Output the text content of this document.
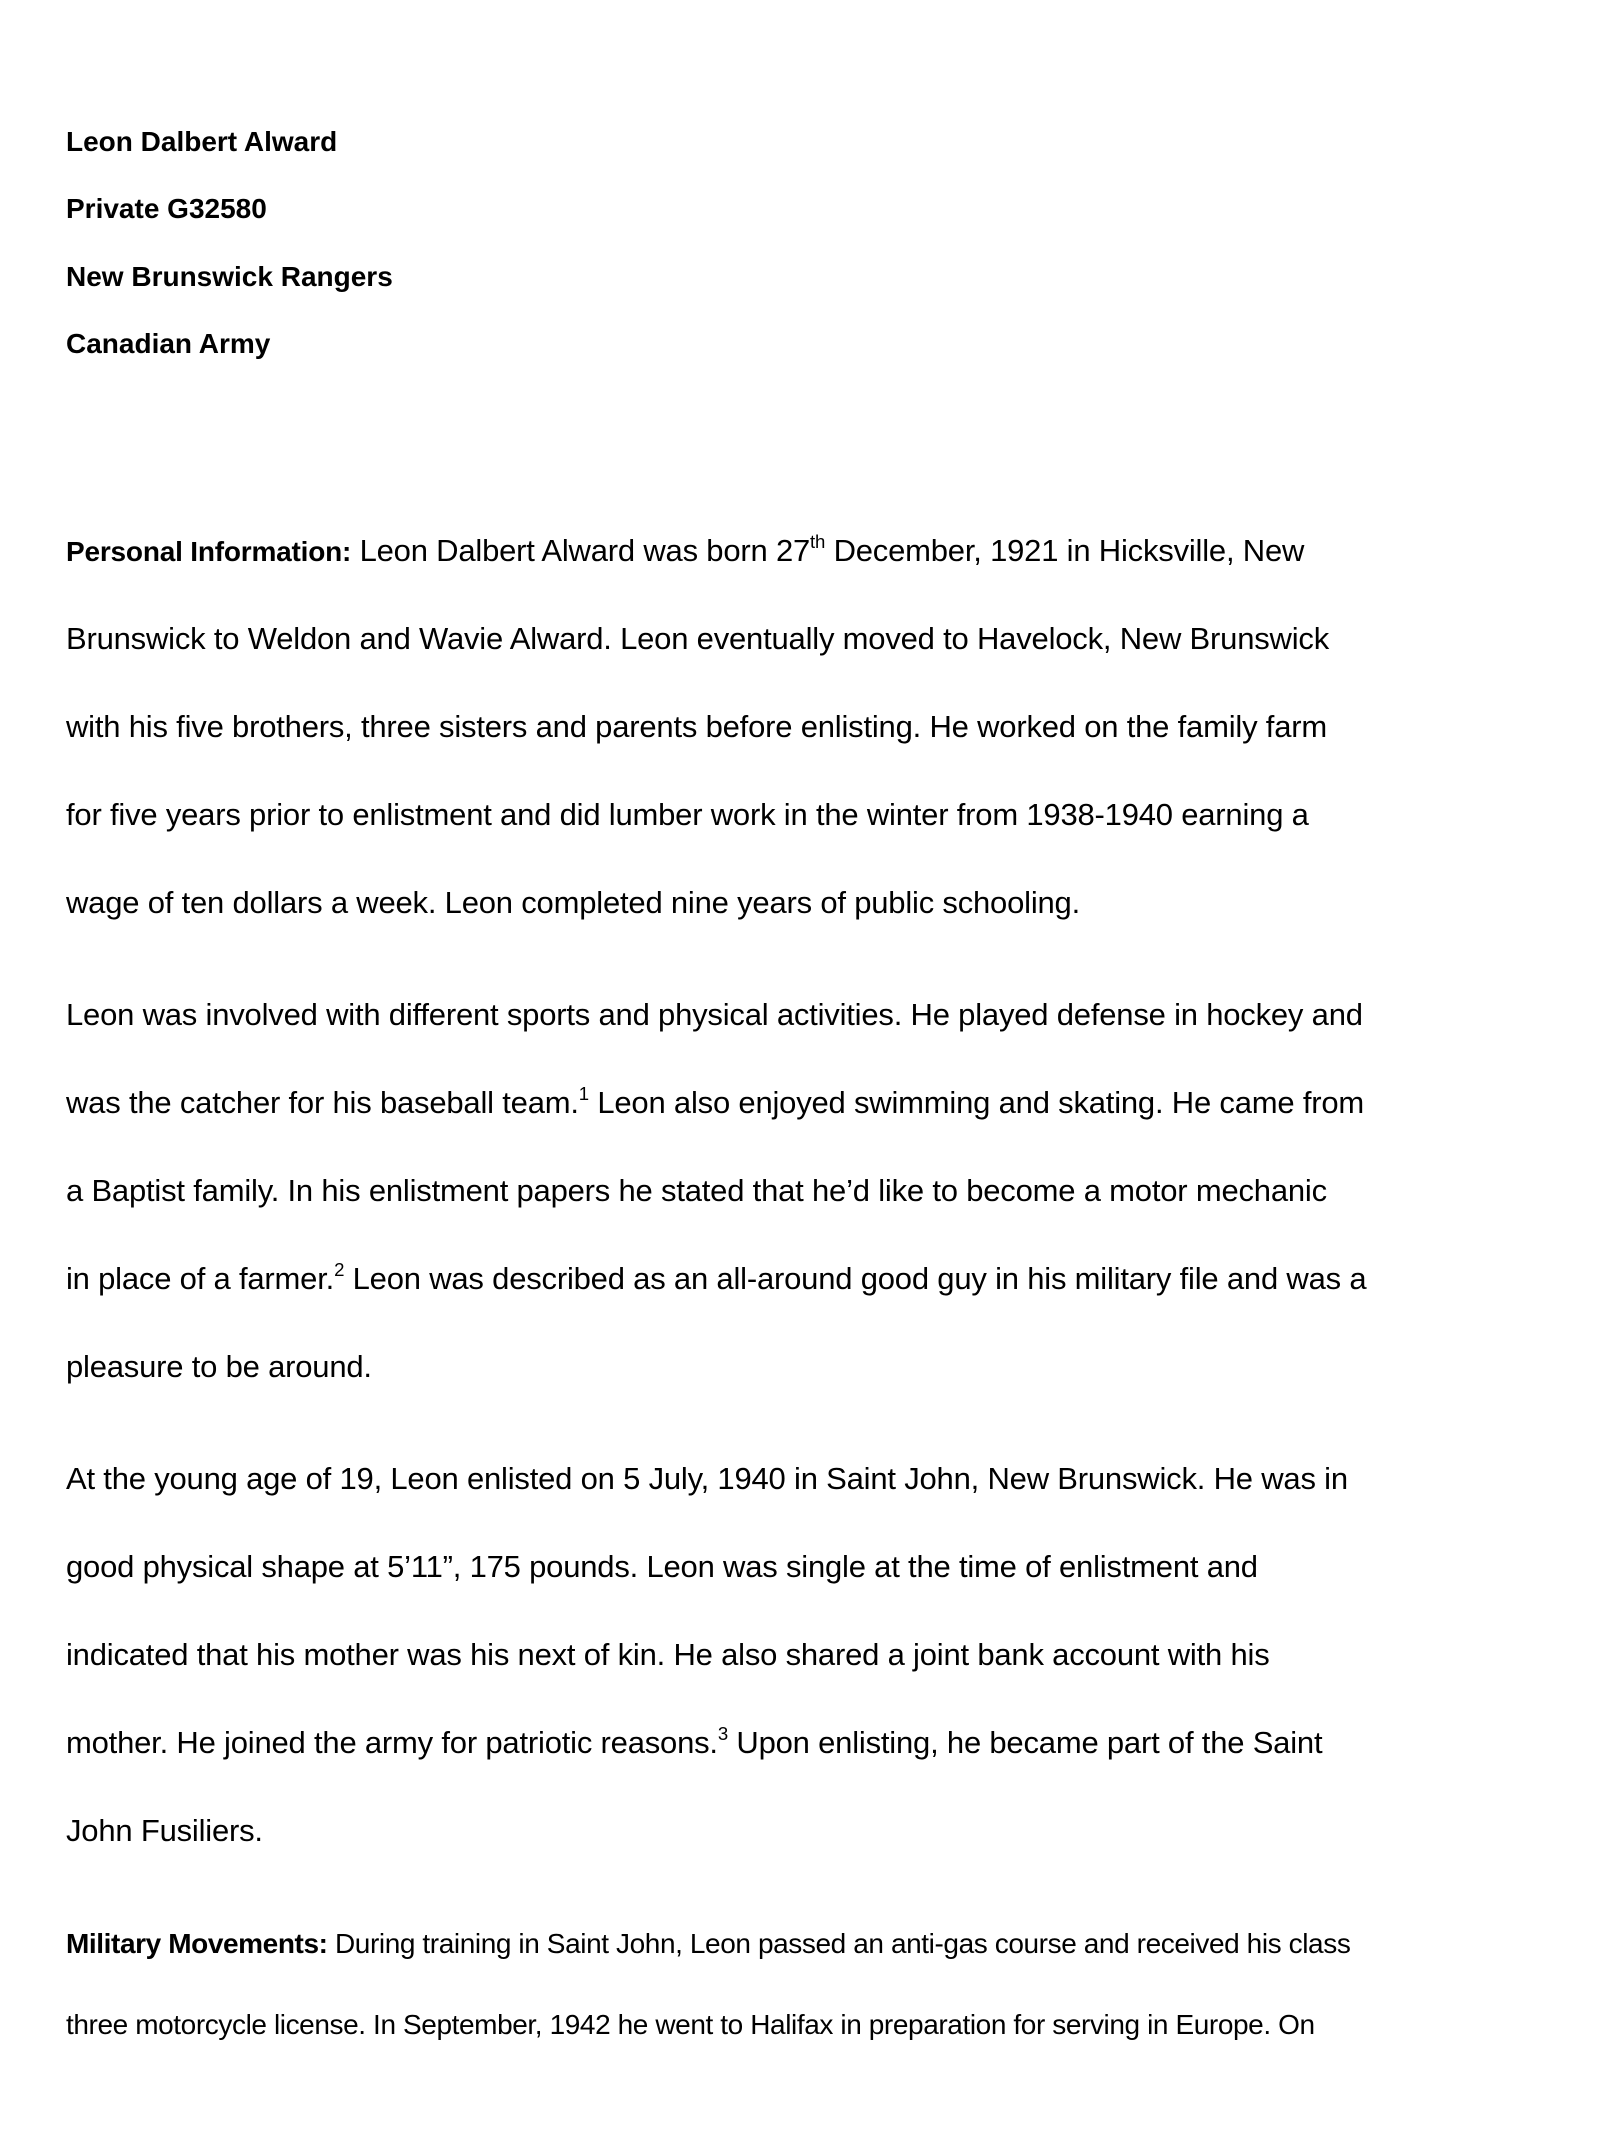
Leon Dalbert Alward
Private G32580
New Brunswick Rangers
Canadian Army
Personal Information: Leon Dalbert Alward was born 27th December, 1921 in Hicksville, New
Brunswick to Weldon and Wavie Alward. Leon eventually moved to Havelock, New Brunswick
with his five brothers, three sisters and parents before enlisting. He worked on the family farm
for five years prior to enlistment and did lumber work in the winter from 1938-1940 earning a
wage of ten dollars a week. Leon completed nine years of public schooling.
Leon was involved with different sports and physical activities. He played defense in hockey and
was the catcher for his baseball team.$^1$ Leon also enjoyed swimming and skating. He came from
a Baptist family. In his enlistment papers he stated that he’d like to become a motor mechanic
in place of a farmer.$^2$ Leon was described as an all-around good guy in his military file and was a
pleasure to be around.
At the young age of 19, Leon enlisted on 5 July, 1940 in Saint John, New Brunswick. He was in
good physical shape at 5’11”, 175 pounds. Leon was single at the time of enlistment and
indicated that his mother was his next of kin. He also shared a joint bank account with his
mother. He joined the army for patriotic reasons.$^3$ Upon enlisting, he became part of the Saint
John Fusiliers.
Military Movements: During training in Saint John, Leon passed an anti-gas course and received his class
three motorcycle license. In September, 1942 he went to Halifax in preparation for serving in Europe. On
